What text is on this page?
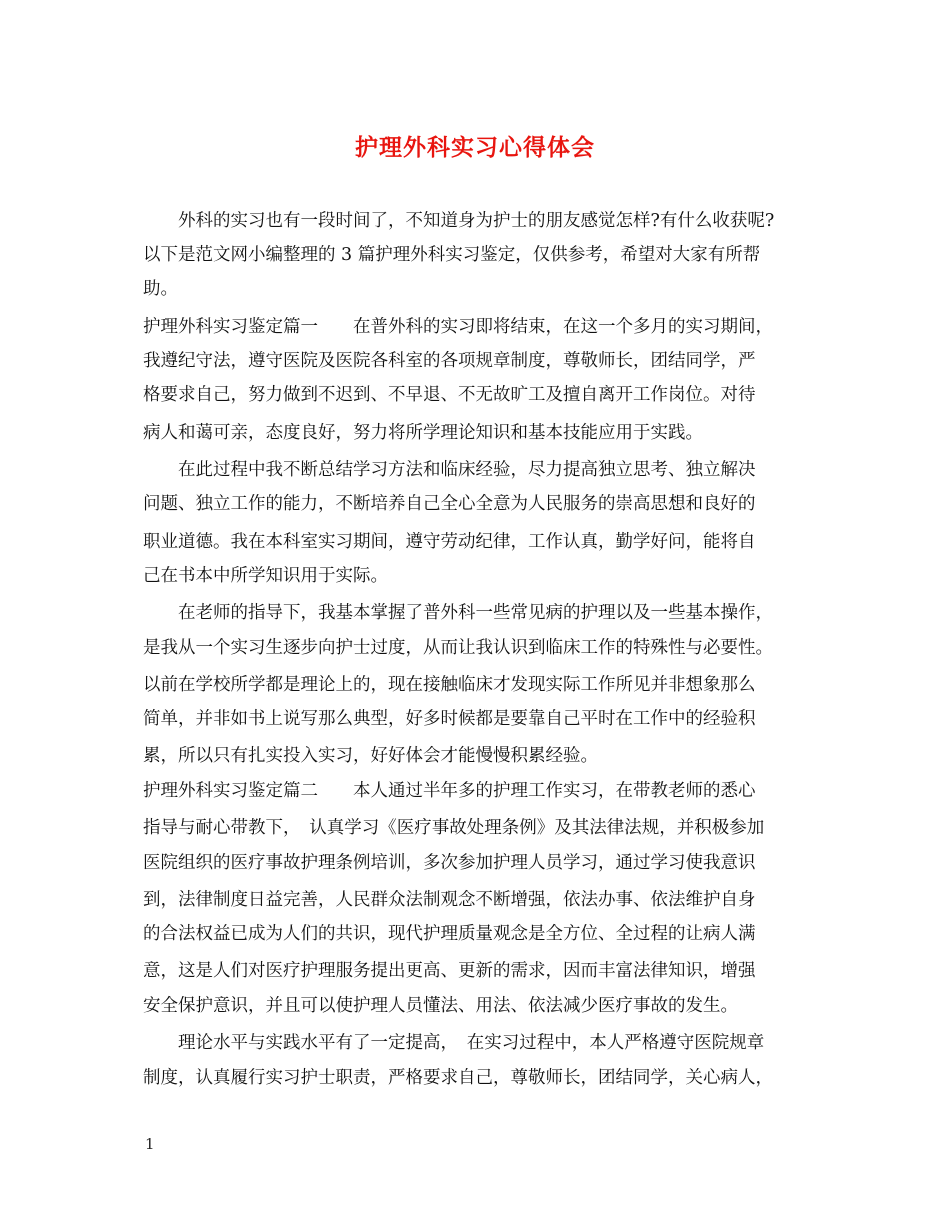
护理外科实习心得体会
　　外科的实习也有一段时间了，不知道身为护士的朋友感觉怎样?有什么收获呢?
以下是范文网小编整理的 3 篇护理外科实习鉴定，仅供参考，希望对大家有所帮
助。
护理外科实习鉴定篇一　　在普外科的实习即将结束，在这一个多月的实习期间，
我遵纪守法，遵守医院及医院各科室的各项规章制度，尊敬师长，团结同学，严
格要求自己，努力做到不迟到、不早退、不无故旷工及擅自离开工作岗位。对待
病人和蔼可亲，态度良好，努力将所学理论知识和基本技能应用于实践。
　　在此过程中我不断总结学习方法和临床经验，尽力提高独立思考、独立解决
问题、独立工作的能力，不断培养自己全心全意为人民服务的崇高思想和良好的
职业道德。我在本科室实习期间，遵守劳动纪律，工作认真，勤学好问，能将自
己在书本中所学知识用于实际。
　　在老师的指导下，我基本掌握了普外科一些常见病的护理以及一些基本操作，
是我从一个实习生逐步向护士过度，从而让我认识到临床工作的特殊性与必要性。
以前在学校所学都是理论上的，现在接触临床才发现实际工作所见并非想象那么
简单，并非如书上说写那么典型，好多时候都是要靠自己平时在工作中的经验积
累，所以只有扎实投入实习，好好体会才能慢慢积累经验。
护理外科实习鉴定篇二　　本人通过半年多的护理工作实习，在带教老师的悉心
指导与耐心带教下，　认真学习《医疗事故处理条例》及其法律法规，并积极参加
医院组织的医疗事故护理条例培训，多次参加护理人员学习，通过学习使我意识
到，法律制度日益完善，人民群众法制观念不断增强，依法办事、依法维护自身
的合法权益已成为人们的共识，现代护理质量观念是全方位、全过程的让病人满
意，这是人们对医疗护理服务提出更高、更新的需求，因而丰富法律知识，增强
安全保护意识，并且可以使护理人员懂法、用法、依法减少医疗事故的发生。
　　理论水平与实践水平有了一定提高，　在实习过程中，本人严格遵守医院规章
制度，认真履行实习护士职责，严格要求自己，尊敬师长，团结同学，关心病人，
1
